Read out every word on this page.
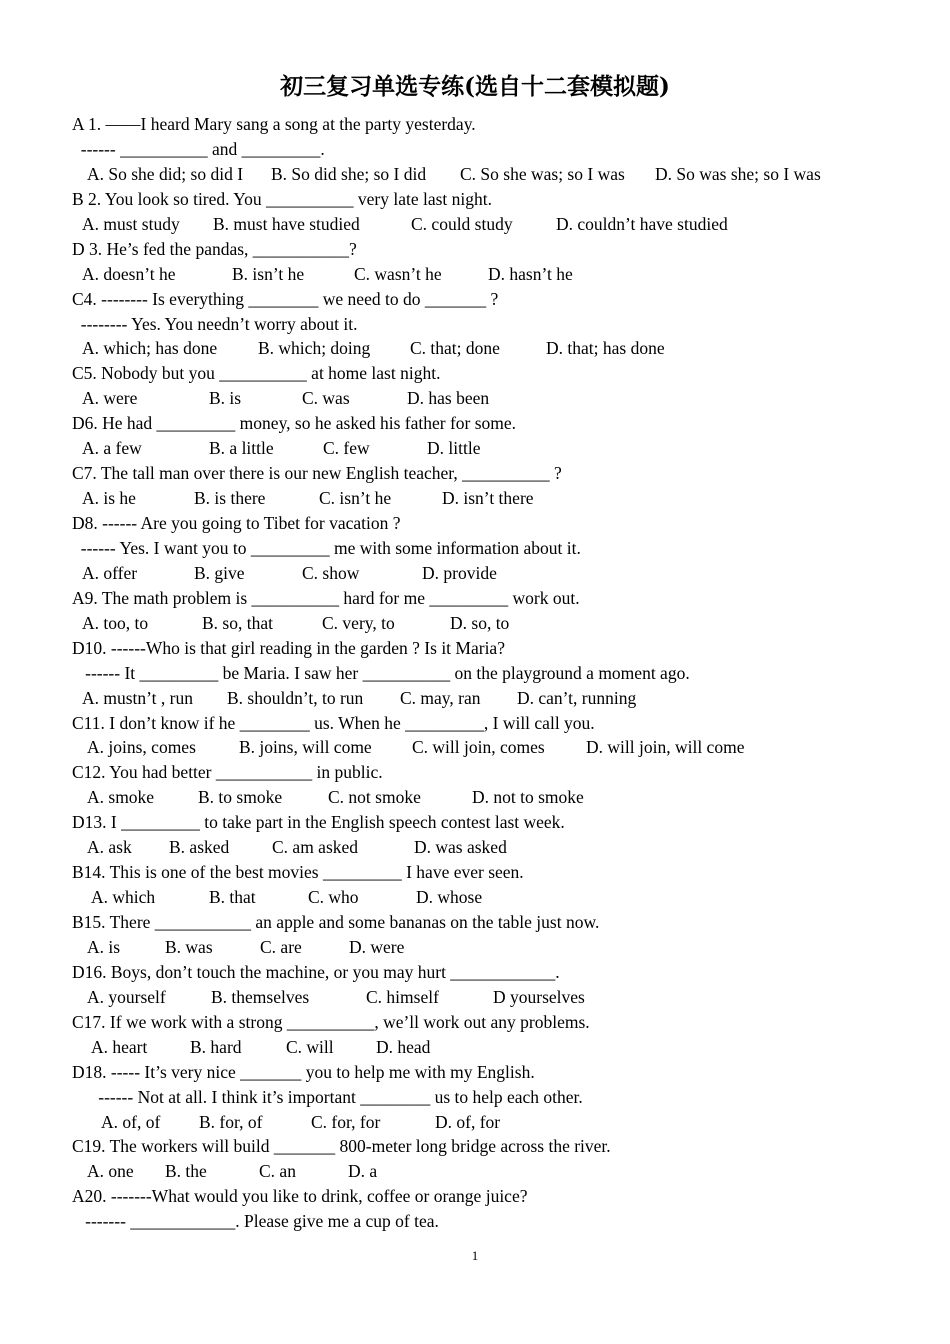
初三复习单选专练(选自十二套模拟题)
A 1. ——I heard Mary sang a song at the party yesterday.
------ __________ and _________.
A. So she did; so did I B. So did she; so I did C. So she was; so I was D. So was she; so I was
B 2. You look so tired. You __________ very late last night.
A. must study B. must have studied	C. could study D. couldn’t have studied
D 3. He’s fed the pandas, ___________?
A. doesn’t he	B. isn’t he	C. wasn’t he	D. hasn’t he
C4. -------- Is everything ________ we need to do _______ ?
-------- Yes. You needn’t worry about it.
A. which; has done B. which; doing C. that; done	D. that; has done
C5. Nobody but you __________ at home last night.
A. were	B. is	C. was	D. has been
D6. He had _________ money, so he asked his father for some.
A. a few	B. a little	C. few	D. little
C7. The tall man over there is our new English teacher, __________ ?
A. is he	B. is there	C. isn’t he	D. isn’t there
D8. ------ Are you going to Tibet for vacation ?
------ Yes. I want you to _________ me with some information about it.
A. offer	B. give	C. show	D. provide
A9. The math problem is __________ hard for me _________ work out.
A. too, to	B. so, that	C. very, to	D. so, to
D10. ------Who is that girl reading in the garden ? Is it Maria?
------ It _________ be Maria. I saw her __________ on the playground a moment ago.
A. mustn’t , run B. shouldn’t, to run C. may, ran D. can’t, running
C11. I don’t know if he ________ us. When he _________, I will call you.
A. joins, comes B. joins, will come C. will join, comes D. will join, will come
C12. You had better ___________ in public.
A. smoke	B. to smoke	C. not smoke	D. not to smoke
D13. I _________ to take part in the English speech contest last week.
A. ask B. asked C. am asked	D. was asked
B14. This is one of the best movies _________ I have ever seen.
A. which	B. that	C. who	D. whose
B15. There ___________ an apple and some bananas on the table just now.
A. is	B. was	C. are	D. were
D16. Boys, don’t touch the machine, or you may hurt ____________.
A. yourself	B. themselves	C. himself	D yourselves
C17. If we work with a strong __________, we’ll work out any problems.
A. heart B. hard	C. will D. head
D18. ----- It’s very nice _______ you to help me with my English.
------ Not at all. I think it’s important ________ us to help each other.
A. of, of B. for, of	C. for, for	D. of, for
C19. The workers will build _______ 800-meter long bridge across the river.
A. one B. the	C. an	D. a
A20. -------What would you like to drink, coffee or orange juice?
------- ____________. Please give me a cup of tea.
1
